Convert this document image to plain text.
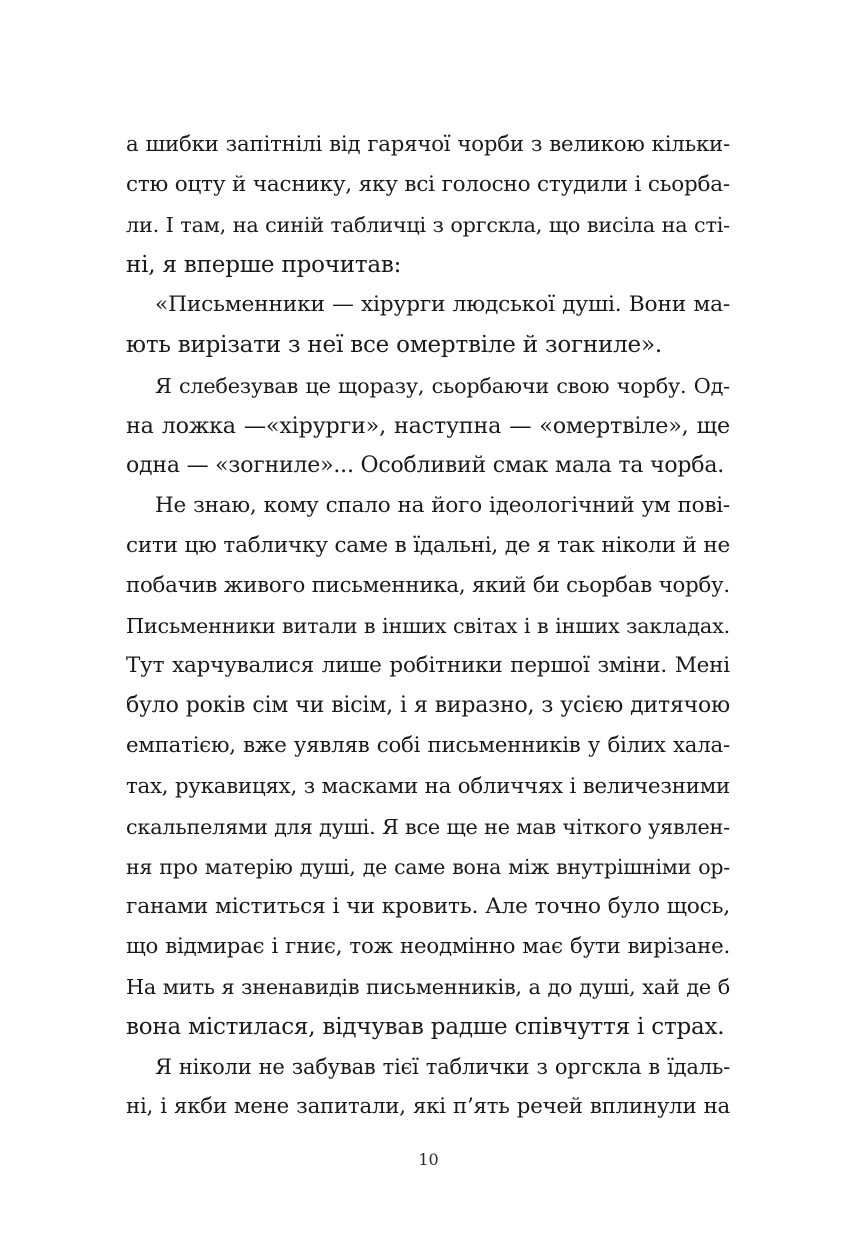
а шибки запітнілі від гарячої чорби з великою кільки-
стю оцту й часнику, яку всі голосно студили і сьорба-
ли. І там, на синій табличці з оргскла, що висіла на сті-
ні, я вперше прочитав:
«Письменники — хірурги людської душі. Вони ма-
ють вирізати з неї все омертвіле й зогниле».
Я слебезував це щоразу, сьорбаючи свою чорбу. Од-
на ложка —«хірурги», наступна — «омертвіле», ще
одна — «зогниле»... Особливий смак мала та чорба.
Не знаю, кому спало на його ідеологічний ум пові-
сити цю табличку саме в їдальні, де я так ніколи й не
побачив живого письменника, який би сьорбав чорбу.
Письменники витали в інших світах і в інших закладах.
Тут харчувалися лише робітники першої зміни. Мені
було років сім чи вісім, і я виразно, з усією дитячою
емпатією, вже уявляв собі письменників у білих хала-
тах, рукавицях, з масками на обличчях і величезними
скальпелями для душі. Я все ще не мав чіткого уявлен-
ня про матерію душі, де саме вона між внутрішніми ор-
ганами міститься і чи кровить. Але точно було щось,
що відмирає і гниє, тож неодмінно має бути вирізане.
На мить я зненавидів письменників, а до душі, хай де б
вона містилася, відчував радше співчуття і страх.
Я ніколи не забував тієї таблички з оргскла в їдаль-
ні, і якби мене запитали, які п’ять речей вплинули на
10
